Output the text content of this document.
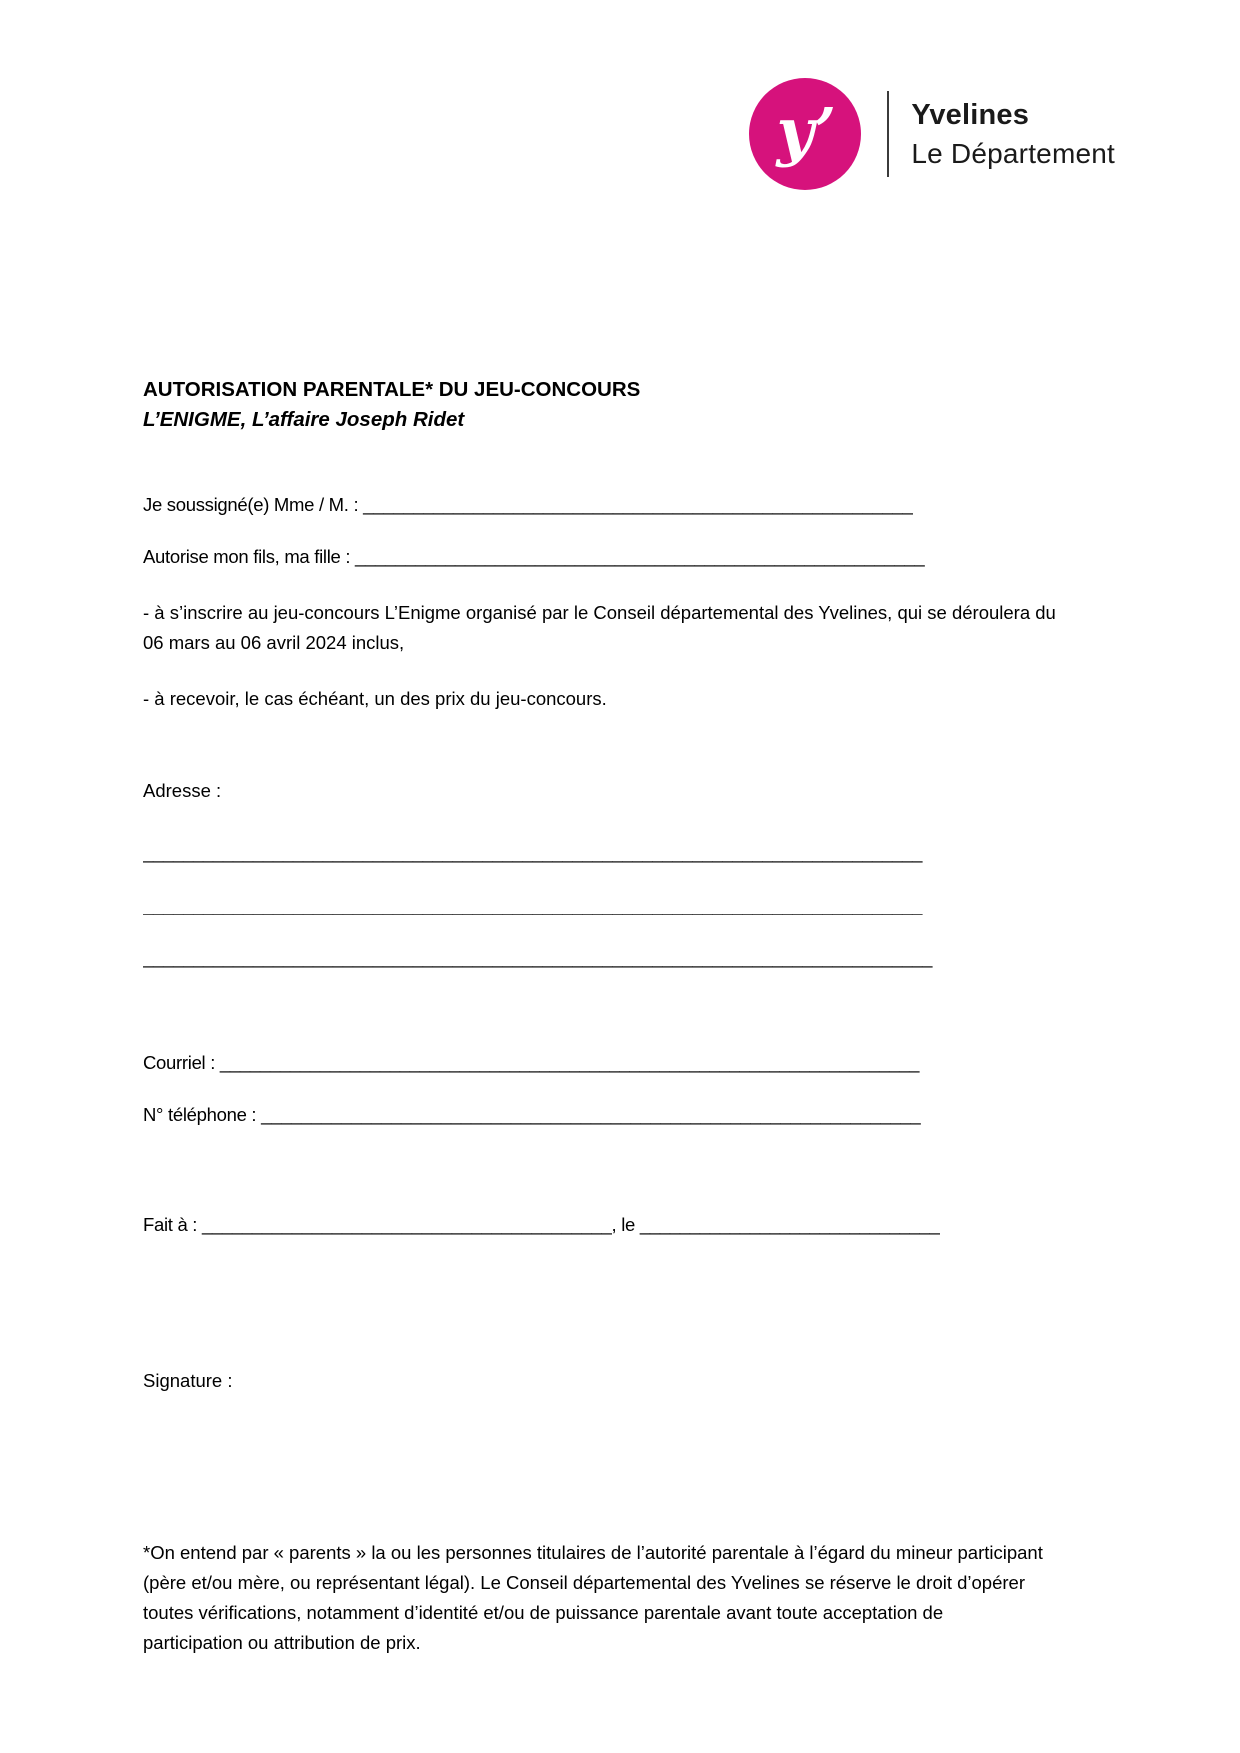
y’	Yvelines
Le Département
AUTORISATION PARENTALE* DU JEU-CONCOURS
L’ENIGME, L’affaire Joseph Ridet

Je soussigné(e) Mme / M. : _______________________________________________________

Autorise mon fils, ma fille : _________________________________________________________

- à s’inscrire au jeu-concours L’Enigme organisé par le Conseil départemental des Yvelines, qui se déroulera du 06 mars au 06 avril 2024 inclus,

- à recevoir, le cas échéant, un des prix du jeu-concours.

Adresse :

______________________________________________________________________________
______________________________________________________________________________
_______________________________________________________________________________

Courriel : ______________________________________________________________________

N° téléphone : __________________________________________________________________

Fait à : _________________________________________, le ______________________________

Signature :

*On entend par « parents » la ou les personnes titulaires de l’autorité parentale à l’égard du mineur participant (père et/ou mère, ou représentant légal). Le Conseil départemental des Yvelines se réserve le droit d’opérer toutes vérifications, notamment d’identité et/ou de puissance parentale avant toute acceptation de participation ou attribution de prix.
